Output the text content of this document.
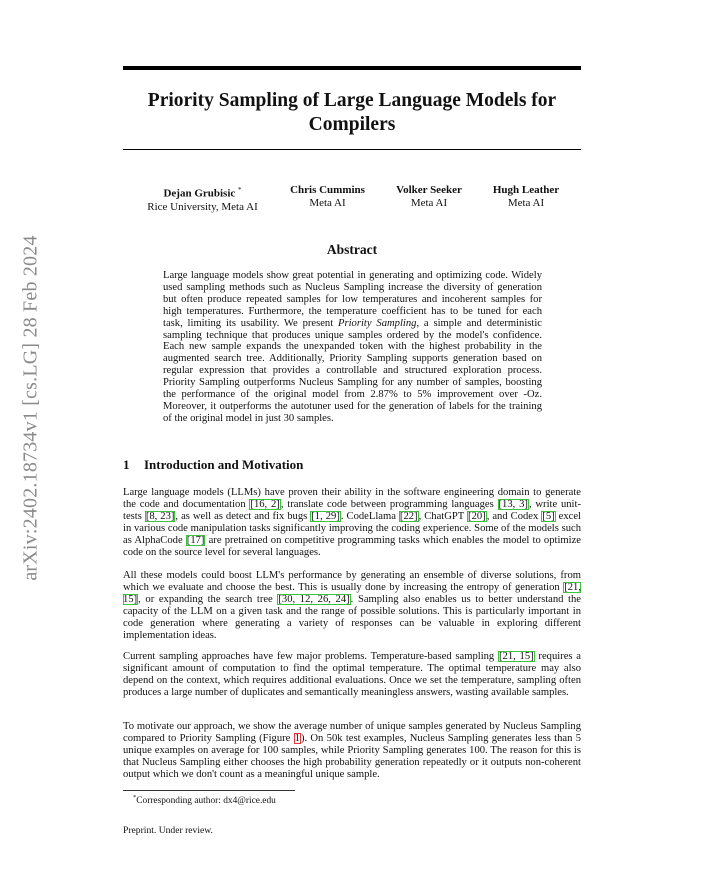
Priority Sampling of Large Language Models for Compilers
arXiv:2402.18734v1 [cs.LG] 28 Feb 2024
Dejan Grubisic *
Rice University, Meta AI
Chris Cummins
Meta AI
Volker Seeker
Meta AI
Hugh Leather
Meta AI
Abstract

Large language models show great potential in generating and optimizing code. Widely used sampling methods such as Nucleus Sampling increase the diversity of generation but often produce repeated samples for low temperatures and incoherent samples for high temperatures. Furthermore, the temperature coefficient has to be tuned for each task, limiting its usability. We present Priority Sampling, a simple and deterministic sampling technique that produces unique samples ordered by the model's confidence. Each new sample expands the unexpanded token with the highest probability in the augmented search tree. Additionally, Priority Sampling supports generation based on regular expression that provides a controllable and structured exploration process. Priority Sampling outperforms Nucleus Sampling for any number of samples, boosting the performance of the original model from 2.87% to 5% improvement over -Oz. Moreover, it outperforms the autotuner used for the generation of labels for the training of the original model in just 30 samples.

1 Introduction and Motivation

Large language models (LLMs) have proven their ability in the software engineering domain to generate the code and documentation [16, 2], translate code between programming languages [13, 3], write unit-tests [8, 23], as well as detect and fix bugs [1, 29]. CodeLlama [22], ChatGPT [20], and Codex [5] excel in various code manipulation tasks significantly improving the coding experience. Some of the models such as AlphaCode [17] are pretrained on competitive programming tasks which enables the model to optimize code on the source level for several languages.

All these models could boost LLM's performance by generating an ensemble of diverse solutions, from which we evaluate and choose the best. This is usually done by increasing the entropy of generation [21, 15], or expanding the search tree [30, 12, 26, 24]. Sampling also enables us to better understand the capacity of the LLM on a given task and the range of possible solutions. This is particularly important in code generation where generating a variety of responses can be valuable in exploring different implementation ideas.

Current sampling approaches have few major problems. Temperature-based sampling [21, 15] requires a significant amount of computation to find the optimal temperature. The optimal temperature may also depend on the context, which requires additional evaluations. Once we set the temperature, sampling often produces a large number of duplicates and semantically meaningless answers, wasting available samples.

To motivate our approach, we show the average number of unique samples generated by Nucleus Sampling compared to Priority Sampling (Figure 1). On 50k test examples, Nucleus Sampling generates less than 5 unique examples on average for 100 samples, while Priority Sampling generates 100. The reason for this is that Nucleus Sampling either chooses the high probability generation repeatedly or it outputs non-coherent output which we don't count as a meaningful unique sample.

*Corresponding author: dx4@rice.edu
Preprint. Under review.
